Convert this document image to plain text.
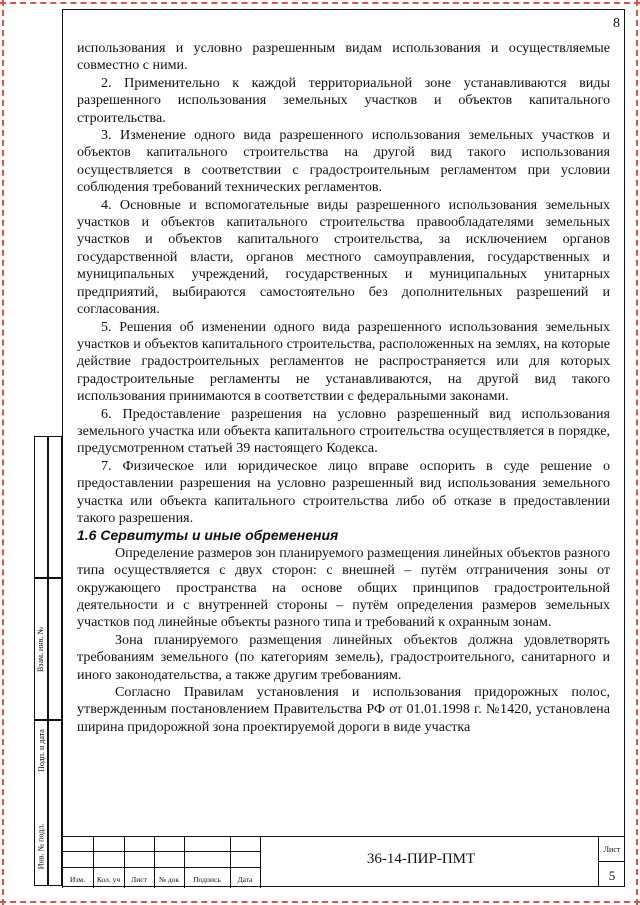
8

использования и условно разрешенным видам использования и осуществляемые совместно с ними.

2. Применительно к каждой территориальной зоне устанавливаются виды разрешенного использования земельных участков и объектов капитального строительства.

3. Изменение одного вида разрешенного использования земельных участков и объектов капитального строительства на другой вид такого использования осуществляется в соответствии с градостроительным регламентом при условии соблюдения требований технических регламентов.

4. Основные и вспомогательные виды разрешенного использования земельных участков и объектов капитального строительства правообладателями земельных участков и объектов капитального строительства, за исключением органов государственной власти, органов местного самоуправления, государственных и муниципальных учреждений, государственных и муниципальных унитарных предприятий, выбираются самостоятельно без дополнительных разрешений и согласования.

5. Решения об изменении одного вида разрешенного использования земельных участков и объектов капитального строительства, расположенных на землях, на которые действие градостроительных регламентов не распространяется или для которых градостроительные регламенты не устанавливаются, на другой вид такого использования принимаются в соответствии с федеральными законами.

6. Предоставление разрешения на условно разрешенный вид использования земельного участка или объекта капитального строительства осуществляется в порядке, предусмотренном статьей 39 настоящего Кодекса.

7. Физическое или юридическое лицо вправе оспорить в суде решение о предоставлении разрешения на условно разрешенный вид использования земельного участка или объекта капитального строительства либо об отказе в предоставлении такого разрешения.

1.6 Сервитуты и иные обременения

Определение размеров зон планируемого размещения линейных объектов разного типа осуществляется с двух сторон: с внешней – путём отграничения зоны от окружающего пространства на основе общих принципов градостроительной деятельности и с внутренней стороны – путём определения размеров земельных участков под линейные объекты разного типа и требований к охранным зонам.

Зона планируемого размещения линейных объектов должна удовлетворять требованиям земельного (по категориям земель), градостроительного, санитарного и иного законодательства, а также другим требованиям.

Согласно Правилам установления и использования придорожных полос, утвержденным постановлением Правительства РФ от 01.01.1998 г. №1420, установлена ширина придорожной зона проектируемой дороги в виде участка

Взам. инв. №
Подп. и дата
Инв. № подл.
Изм.	Кол. уч	Лист	№ док	Подпись	Дата
36-14-ПИР-ПМТ
Лист
5
